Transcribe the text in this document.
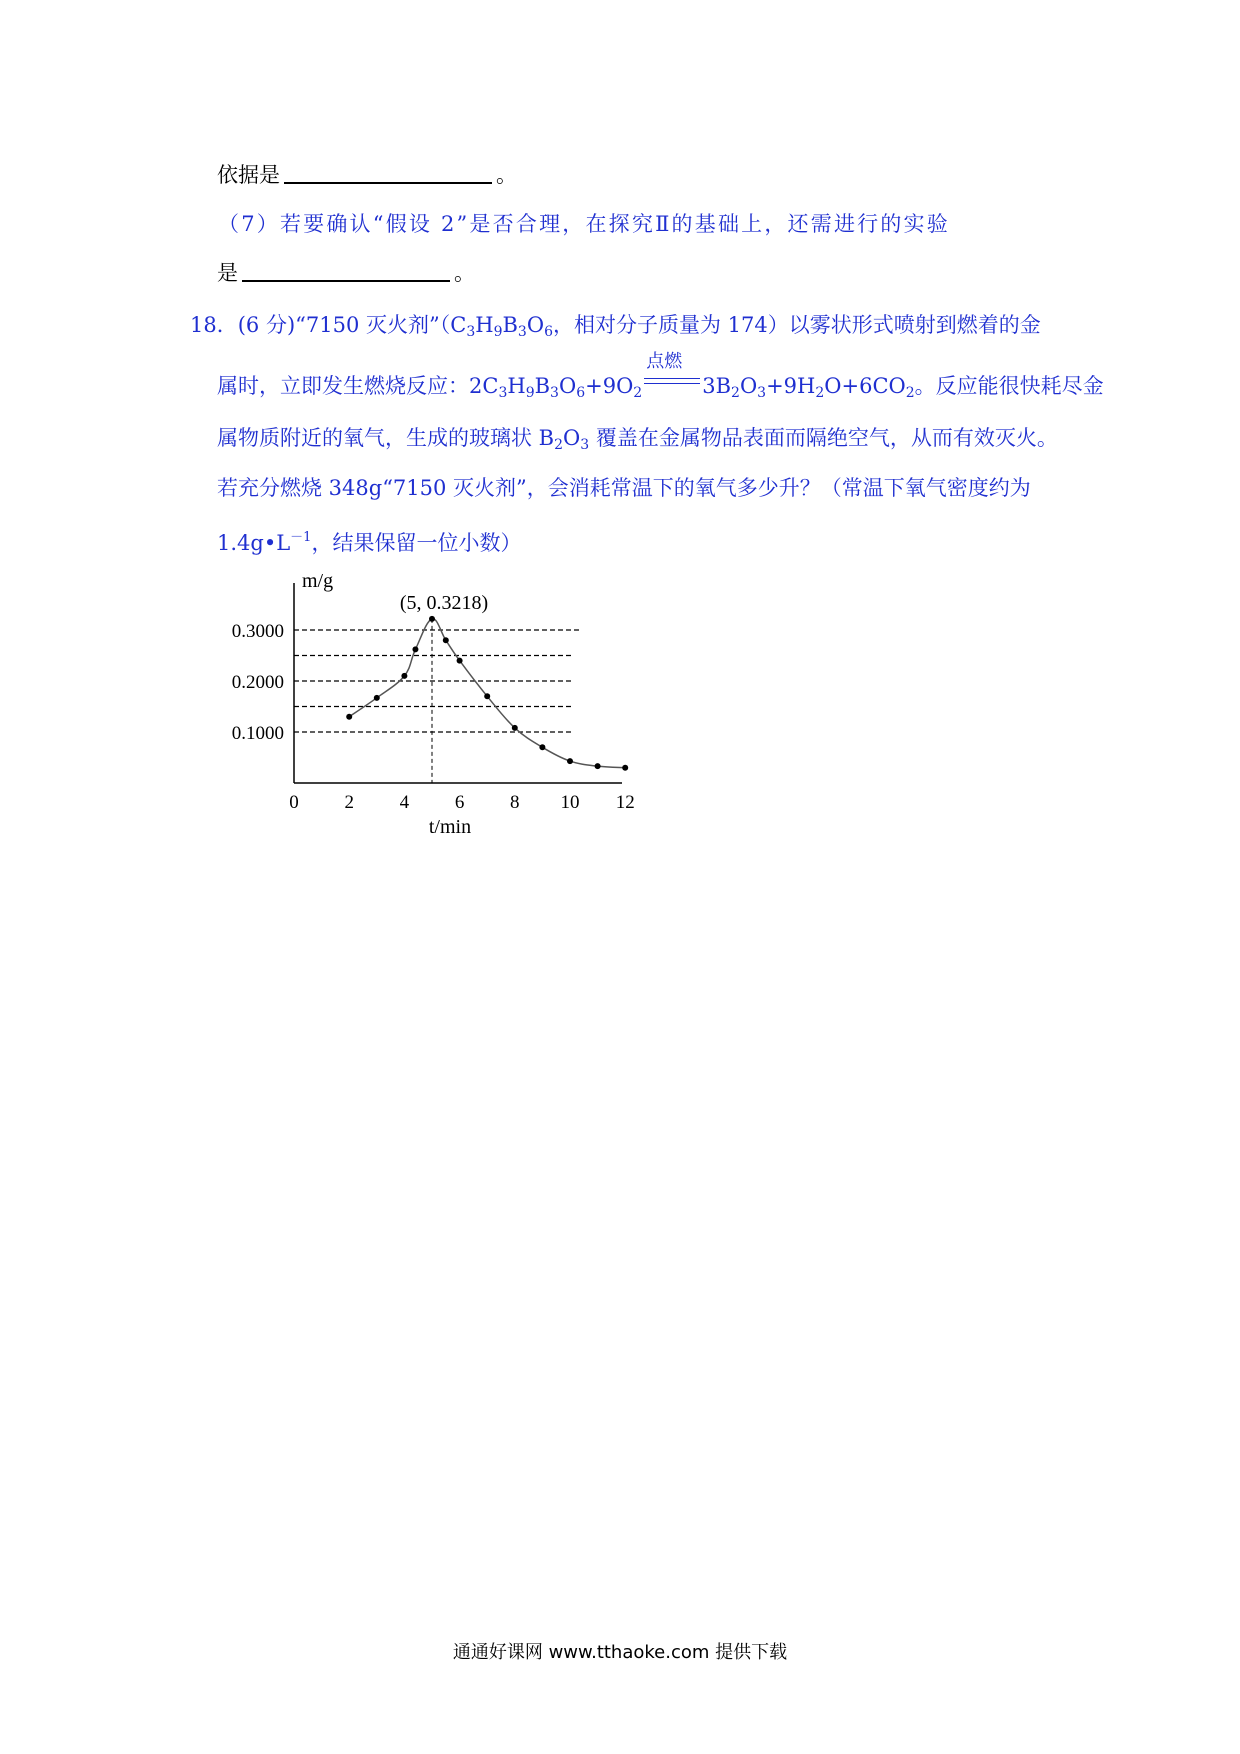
依据是	。
（7）若要确认“假设 2”是否合理，在探究Ⅱ的基础上，还需进行的实验
是	。
18．(6 分)“7150 灭火剂$”(C_3H_9B_3O_6$，相对分子质量为 174）以雾状形式喷射到燃着的金
属时，立即发生燃烧反应：$2C_3H_9B_3O_6+9O_2$
点燃
$3B_2O_3+9H_2O+6CO_2$。反应能很快耗尽金
属物质附近的氧气，生成的玻璃状 $B_2O_3$ 覆盖在金属物品表面而隔绝空气，从而有效灭火。
若充分燃烧 348g“7150 灭火剂”，会消耗常温下的氧气多少升？（常温下氧气密度约为
$1.4g•L^{-1}$，结果保留一位小数）
0.1000
0.2000
0.3000
0 2 4 6 8 10 12
m/g
t/min
(5, 0.3218)
通通好课网 www.tthaoke.com 提供下载
